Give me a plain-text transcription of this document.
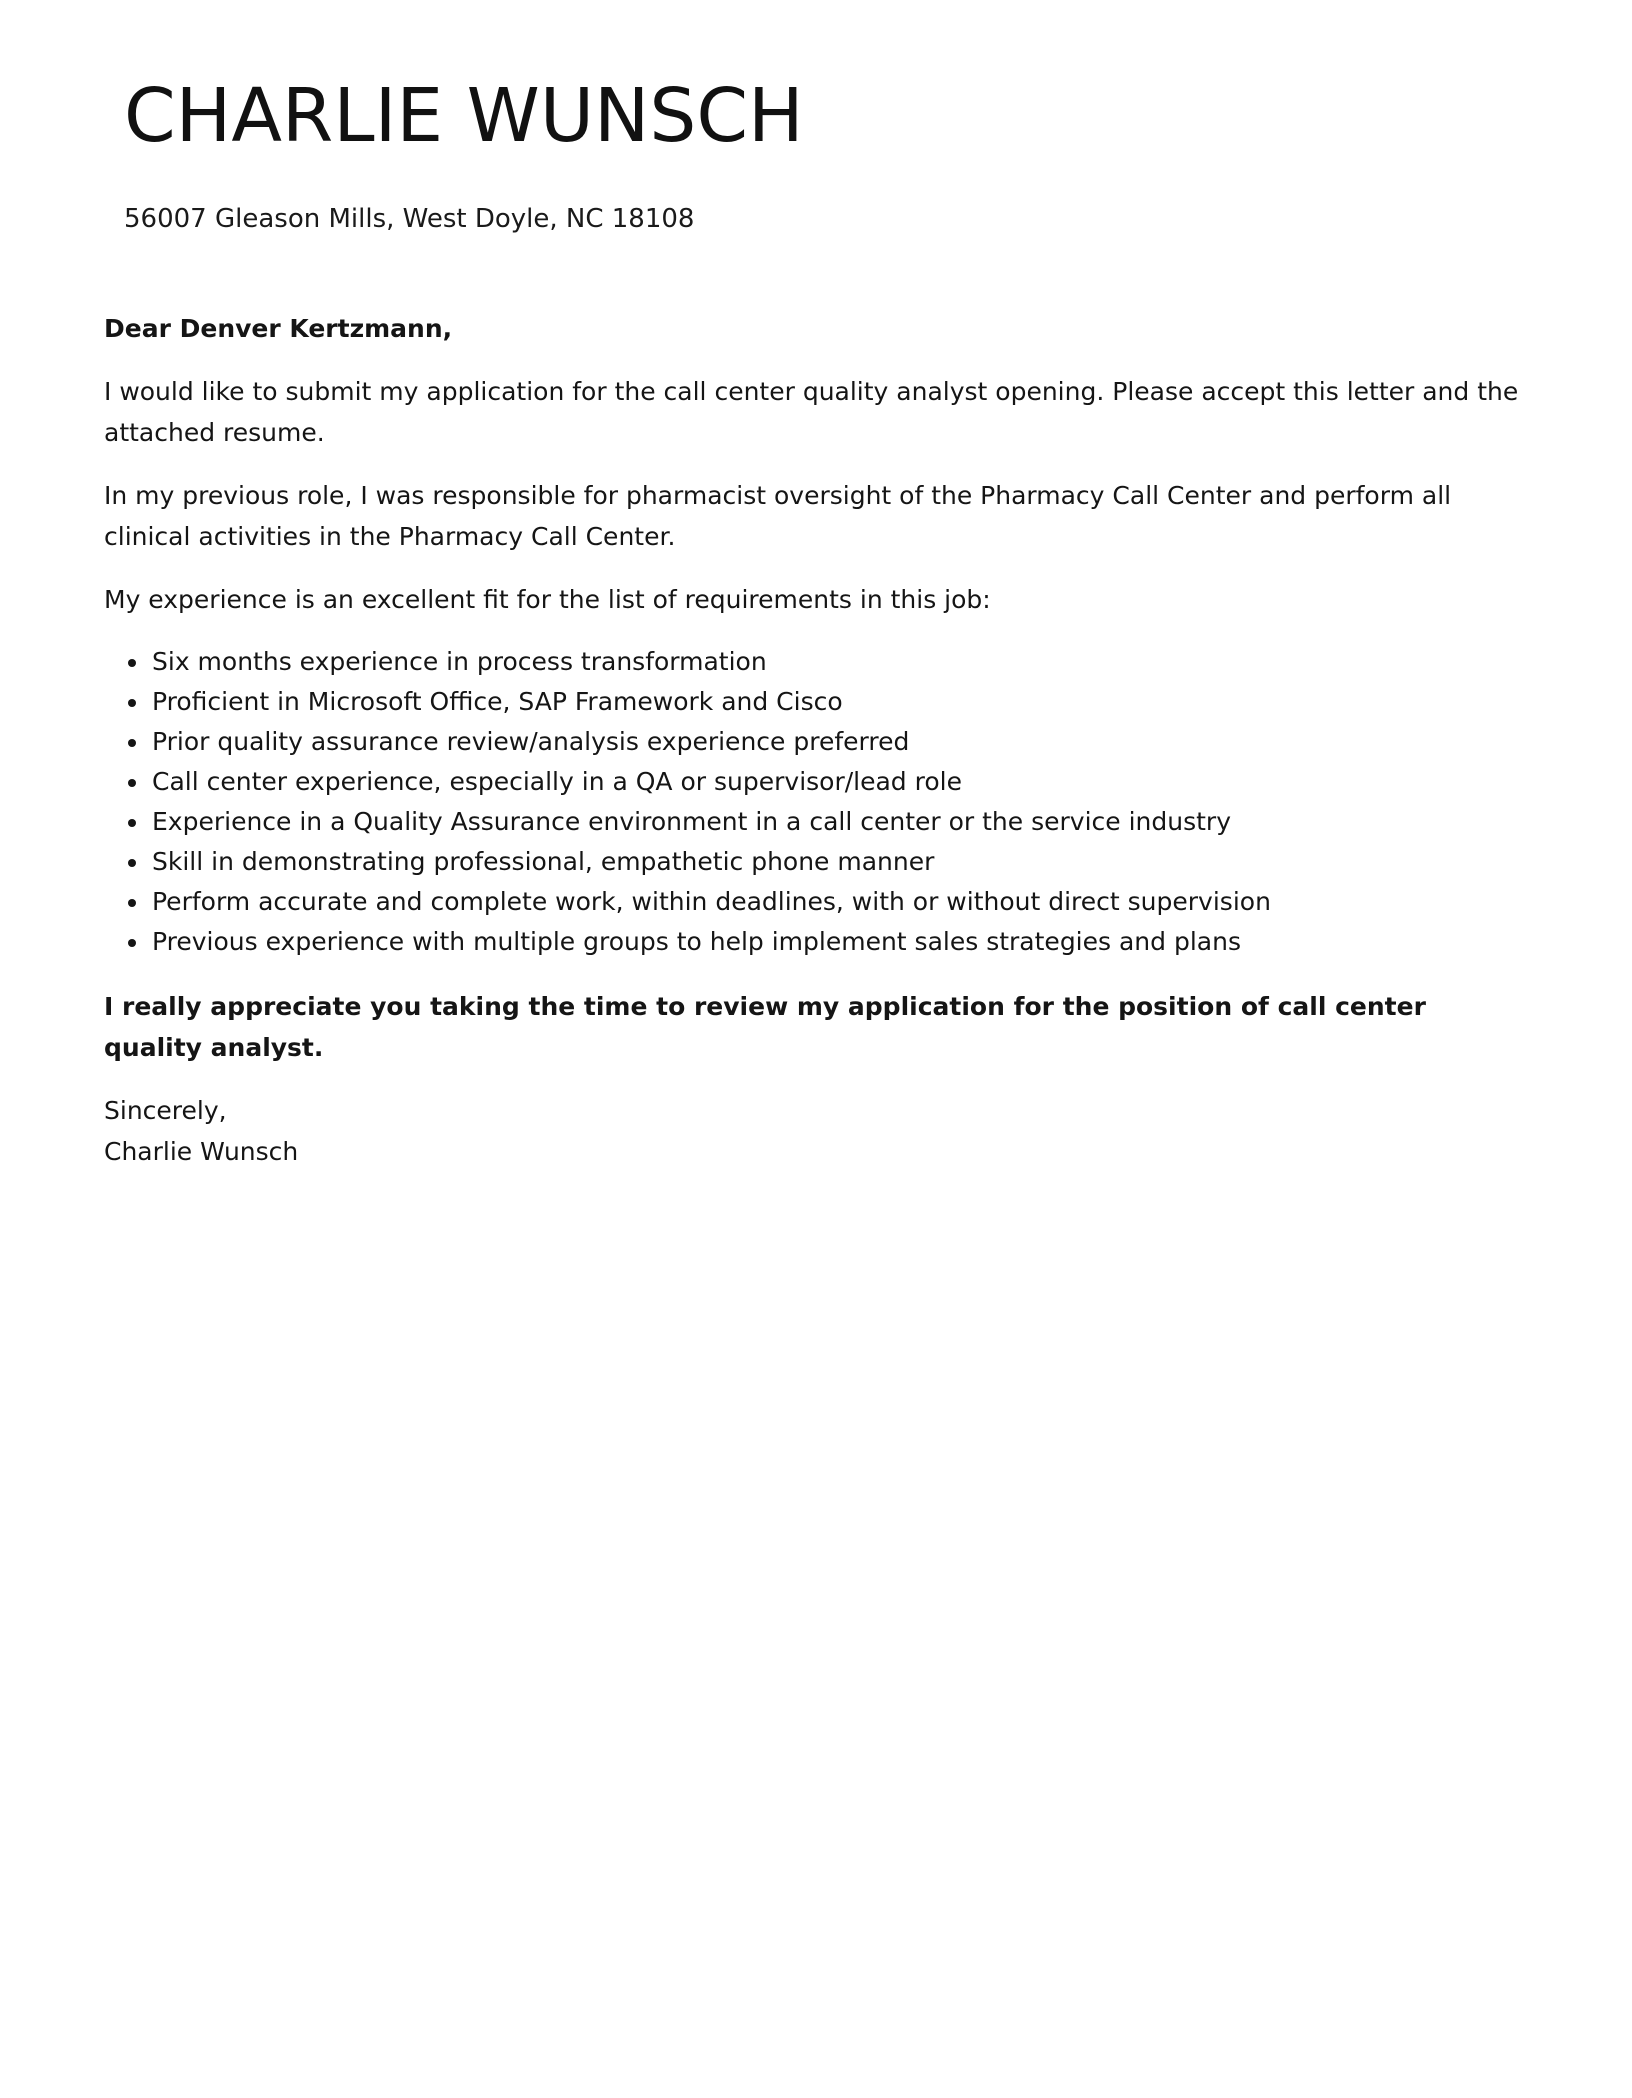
CHARLIE WUNSCH
56007 Gleason Mills, West Doyle, NC 18108

Dear Denver Kertzmann,

I would like to submit my application for the call center quality analyst opening. Please accept this letter and the attached resume.

In my previous role, I was responsible for pharmacist oversight of the Pharmacy Call Center and perform all clinical activities in the Pharmacy Call Center.

My experience is an excellent fit for the list of requirements in this job:

Six months experience in process transformation
Proficient in Microsoft Office, SAP Framework and Cisco
Prior quality assurance review/analysis experience preferred
Call center experience, especially in a QA or supervisor/lead role
Experience in a Quality Assurance environment in a call center or the service industry
Skill in demonstrating professional, empathetic phone manner
Perform accurate and complete work, within deadlines, with or without direct supervision
Previous experience with multiple groups to help implement sales strategies and plans

I really appreciate you taking the time to review my application for the position of call center quality analyst.

Sincerely,
Charlie Wunsch
